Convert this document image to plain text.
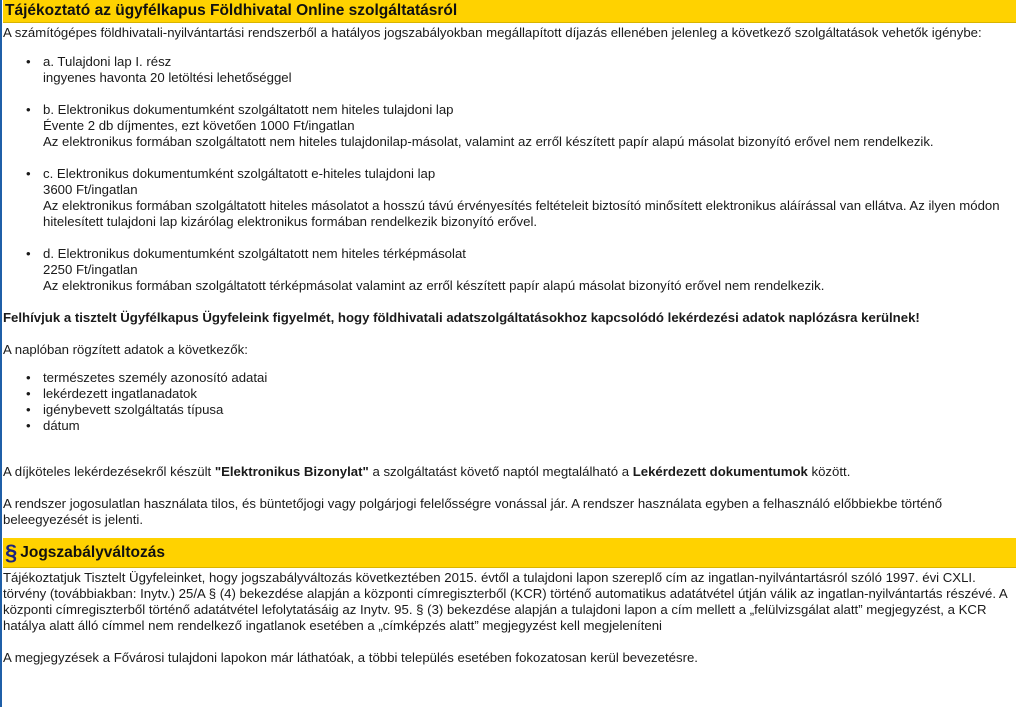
Tájékoztató az ügyfélkapus Földhivatal Online szolgáltatásról

A számítógépes földhivatali-nyilvántartási rendszerből a hatályos jogszabályokban megállapított díjazás ellenében jelenleg a következő szolgáltatások vehetők igénybe:

• a. Tulajdoni lap I. rész
ingyenes havonta 20 letöltési lehetőséggel
• b. Elektronikus dokumentumként szolgáltatott nem hiteles tulajdoni lap
Évente 2 db díjmentes, ezt követően 1000 Ft/ingatlan
Az elektronikus formában szolgáltatott nem hiteles tulajdonilap-másolat, valamint az erről készített papír alapú másolat bizonyító erővel nem rendelkezik.
• c. Elektronikus dokumentumként szolgáltatott e-hiteles tulajdoni lap
3600 Ft/ingatlan
Az elektronikus formában szolgáltatott hiteles másolatot a hosszú távú érvényesítés feltételeit biztosító minősített elektronikus aláírással van ellátva. Az ilyen módon hitelesített tulajdoni lap kizárólag elektronikus formában rendelkezik bizonyító erővel.
• d. Elektronikus dokumentumként szolgáltatott nem hiteles térképmásolat
2250 Ft/ingatlan
Az elektronikus formában szolgáltatott térképmásolat valamint az erről készített papír alapú másolat bizonyító erővel nem rendelkezik.

Felhívjuk a tisztelt Ügyfélkapus Ügyfeleink figyelmét, hogy földhivatali adatszolgáltatásokhoz kapcsolódó lekérdezési adatok naplózásra kerülnek!

A naplóban rögzített adatok a következők:

• természetes személy azonosító adatai
• lekérdezett ingatlanadatok
• igénybevett szolgáltatás típusa
• dátum

A díjköteles lekérdezésekről készült "Elektronikus Bizonylat" a szolgáltatást követő naptól megtalálható a Lekérdezett dokumentumok között.

A rendszer jogosulatlan használata tilos, és büntetőjogi vagy polgárjogi felelősségre vonással jár. A rendszer használata egyben a felhasználó előbbiekbe történő beleegyezését is jelenti.

§ Jogszabályváltozás

Tájékoztatjuk Tisztelt Ügyfeleinket, hogy jogszabályváltozás következtében 2015. évtől a tulajdoni lapon szereplő cím az ingatlan-nyilvántartásról szóló 1997. évi CXLI. törvény (továbbiakban: Inytv.) 25/A § (4) bekezdése alapján a központi címregiszterből (KCR) történő automatikus adatátvétel útján válik az ingatlan-nyilvántartás részévé. A központi címregiszterből történő adatátvétel lefolytatásáig az Inytv. 95. § (3) bekezdése alapján a tulajdoni lapon a cím mellett a „felülvizsgálat alatt” megjegyzést, a KCR hatálya alatt álló címmel nem rendelkező ingatlanok esetében a „címképzés alatt” megjegyzést kell megjeleníteni

A megjegyzések a Fővárosi tulajdoni lapokon már láthatóak, a többi település esetében fokozatosan kerül bevezetésre.
